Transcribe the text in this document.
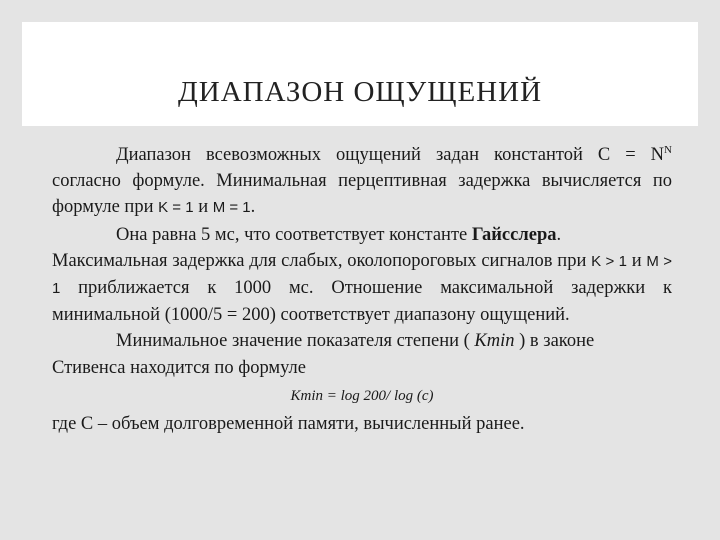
ДИАПАЗОН ОЩУЩЕНИЙ

Диапазон всевозможных ощущений задан константой $C = N^N$ согласно формуле. Минимальная перцептивная задержка вычисляется по формуле при K = 1 и M = 1.

Она равна 5 мс, что соответствует константе Гайсслера.

Максимальная задержка для слабых, околопороговых сигналов при K > 1 и M > 1 приближается к 1000 мс. Отношение максимальной задержки к минимальной (1000/5 = 200) соответствует диапазону ощущений.

Минимальное значение показателя степени ( Kmin ) в законе Стивенса находится по формуле

Kmin = log 200/ log (c)

где C – объем долговременной памяти, вычисленный ранее.
